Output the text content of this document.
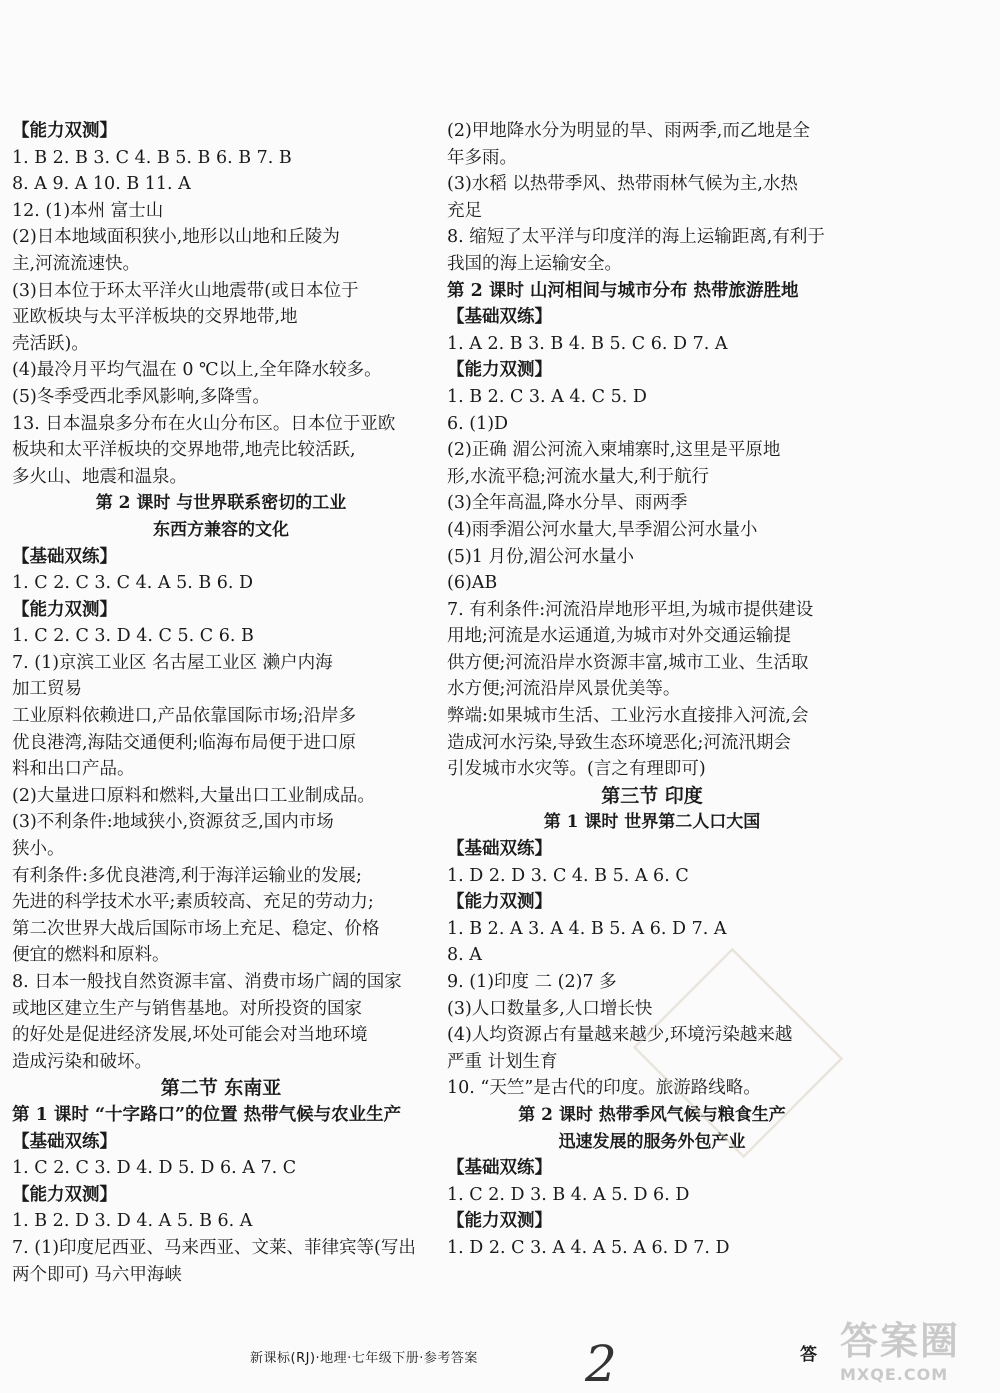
【能力双测】
1. B 2. B 3. C 4. B 5. B 6. B 7. B
8. A 9. A 10. B 11. A
12. (1)本州 富士山
(2)日本地域面积狭小,地形以山地和丘陵为
主,河流流速快。
(3)日本位于环太平洋火山地震带(或日本位于
亚欧板块与太平洋板块的交界地带,地
壳活跃)。
(4)最冷月平均气温在 0 ℃以上,全年降水较多。
(5)冬季受西北季风影响,多降雪。
13. 日本温泉多分布在火山分布区。日本位于亚欧
板块和太平洋板块的交界地带,地壳比较活跃,
多火山、地震和温泉。
第 2 课时 与世界联系密切的工业
东西方兼容的文化
【基础双练】
1. C 2. C 3. C 4. A 5. B 6. D
【能力双测】
1. C 2. C 3. D 4. C 5. C 6. B
7. (1)京滨工业区 名古屋工业区 濑户内海
加工贸易
工业原料依赖进口,产品依靠国际市场;沿岸多
优良港湾,海陆交通便利;临海布局便于进口原
料和出口产品。
(2)大量进口原料和燃料,大量出口工业制成品。
(3)不利条件:地域狭小,资源贫乏,国内市场
狭小。
有利条件:多优良港湾,利于海洋运输业的发展;
先进的科学技术水平;素质较高、充足的劳动力;
第二次世界大战后国际市场上充足、稳定、价格
便宜的燃料和原料。
8. 日本一般找自然资源丰富、消费市场广阔的国家
或地区建立生产与销售基地。对所投资的国家
的好处是促进经济发展,坏处可能会对当地环境
造成污染和破坏。
第二节 东南亚
第 1 课时 “十字路口”的位置 热带气候与农业生产
【基础双练】
1. C 2. C 3. D 4. D 5. D 6. A 7. C
【能力双测】
1. B 2. D 3. D 4. A 5. B 6. A
7. (1)印度尼西亚、马来西亚、文莱、菲律宾等(写出
两个即可) 马六甲海峡
(2)甲地降水分为明显的旱、雨两季,而乙地是全
年多雨。
(3)水稻 以热带季风、热带雨林气候为主,水热
充足
8. 缩短了太平洋与印度洋的海上运输距离,有利于
我国的海上运输安全。
第 2 课时 山河相间与城市分布 热带旅游胜地
【基础双练】
1. A 2. B 3. B 4. B 5. C 6. D 7. A
【能力双测】
1. B 2. C 3. A 4. C 5. D
6. (1)D
(2)正确 湄公河流入柬埔寨时,这里是平原地
形,水流平稳;河流水量大,利于航行
(3)全年高温,降水分旱、雨两季
(4)雨季湄公河水量大,旱季湄公河水量小
(5)1 月份,湄公河水量小
(6)AB
7. 有利条件:河流沿岸地形平坦,为城市提供建设
用地;河流是水运通道,为城市对外交通运输提
供方便;河流沿岸水资源丰富,城市工业、生活取
水方便;河流沿岸风景优美等。
弊端:如果城市生活、工业污水直接排入河流,会
造成河水污染,导致生态环境恶化;河流汛期会
引发城市水灾等。(言之有理即可)
第三节 印度
第 1 课时 世界第二人口大国
【基础双练】
1. D 2. D 3. C 4. B 5. A 6. C
【能力双测】
1. B 2. A 3. A 4. B 5. A 6. D 7. A
8. A
9. (1)印度 二 (2)7 多
(3)人口数量多,人口增长快
(4)人均资源占有量越来越少,环境污染越来越
严重 计划生育
10. “天竺”是古代的印度。旅游路线略。
第 2 课时 热带季风气候与粮食生产
迅速发展的服务外包产业
【基础双练】
1. C 2. D 3. B 4. A 5. D 6. D
【能力双测】
1. D 2. C 3. A 4. A 5. A 6. D 7. D
新课标(RJ)·地理·七年级下册·参考答案	答
2	答案圈
MXQE.COM
